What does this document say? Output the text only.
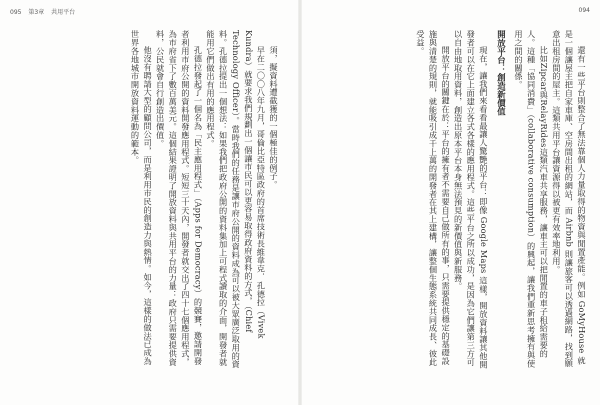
095 第3章 共用平台

須，擬資料遭截獲的一個極佳的例子。

早在二〇〇八年九月，哥倫比亞特區政府的首席技術長維韋克．孔德拉（Vivek Kundra）就要求我們規劃出一個讓市民可以更容易取得政府資料的方式，（Chief Technology Officer）。當時我們的任務是讓市府公開的資料成為可以被大眾廣泛取用的資料。孔德拉提出一個想法：如果我們把政府公開的資料集加上可程式讀取的介面，開發者就能用它們做出有用的應用程式。

孔德拉發起了一個名為「民主應用程式」（Apps for Democracy）的競賽，邀請開發者利用市府公開的資料開發應用程式。短短三十天內，開發者就交出了四十七個應用程式，為市府省下了數百萬美元。這個結果證明了開放資料與共用平台的力量：政府只需要提供資料，公民就會自行創造出價值。

他沒有聘請大型的顧問公司，而是利用市民的創造力與熱情。如今，這樣的做法已成為世界各地城市開放資料運動的範本。

094

還有一些平台則整合了無法靠個人力量取得的物資與閒置產能。例如 GoMyHouse 就是一個讓屋主把自家車庫、空房間出租的網站，而 Airbnb 則讓旅客可以透過網路，找到願意出租房間的屋主。這類共用平台讓資源得以被更有效率地利用。

比如Zipcar與RelayRides這類汽車共享服務，讓車主可以把閒置的車子租給需要的人。這種「協同消費」（collaborative consumption）的興起，讓我們重新思考擁有與使用之間的關係。

開放平台：創造新價值

現在，讓我們來看看最讓人驚艷的平台：即像 Google Maps 這樣，開放資料讓其他開發者可以在它上面建立各式各樣的應用程式。這些平台之所以成功，是因為它們讓第三方可以自由地取用資料，創造出原本平台本身無法預見的新價值與新服務。

開放平台的關鍵在於：平台的擁有者不需要自己做所有的事，只需要提供穩定的基礎設施與清楚的規則，就能吸引成千上萬的開發者在其上建構，讓整個生態系統共同成長、彼此受益。
